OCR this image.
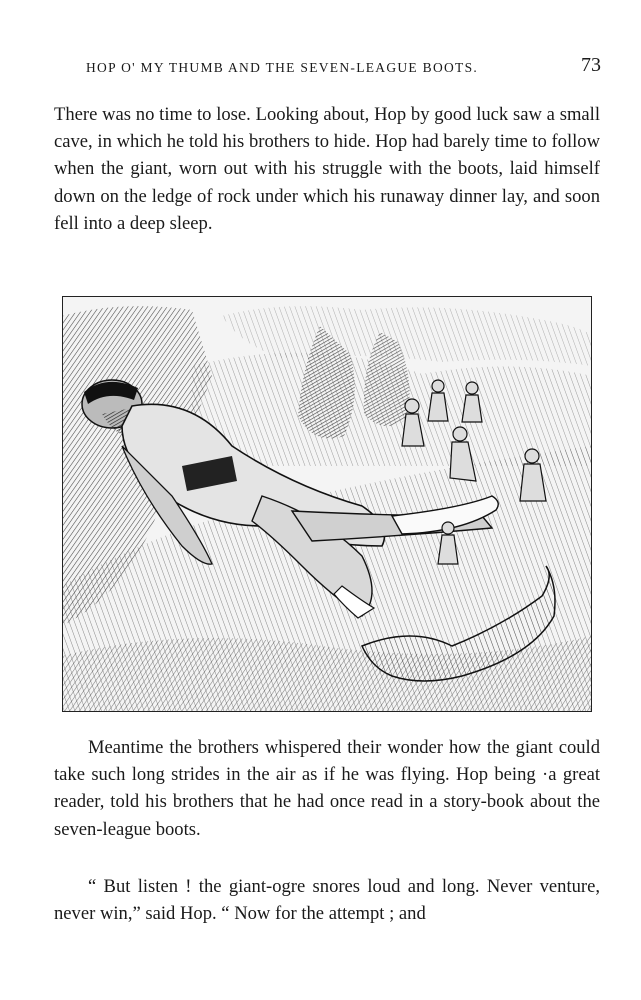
HOP O' MY THUMB AND THE SEVEN-LEAGUE BOOTS.	73

There was no time to lose. Looking about, Hop by good luck saw a small cave, in which he told his brothers to hide. Hop had barely time to follow when the giant, worn out with his struggle with the boots, laid himself down on the ledge of rock under which his runaway dinner lay, and soon fell into a deep sleep.

Meantime the brothers whispered their wonder how the giant could take such long strides in the air as if he was flying. Hop being ·a great reader, told his brothers that he had once read in a story-book about the seven-league boots.

“ But listen ! the giant-ogre snores loud and long. Never venture, never win,” said Hop. “ Now for the attempt ; and
